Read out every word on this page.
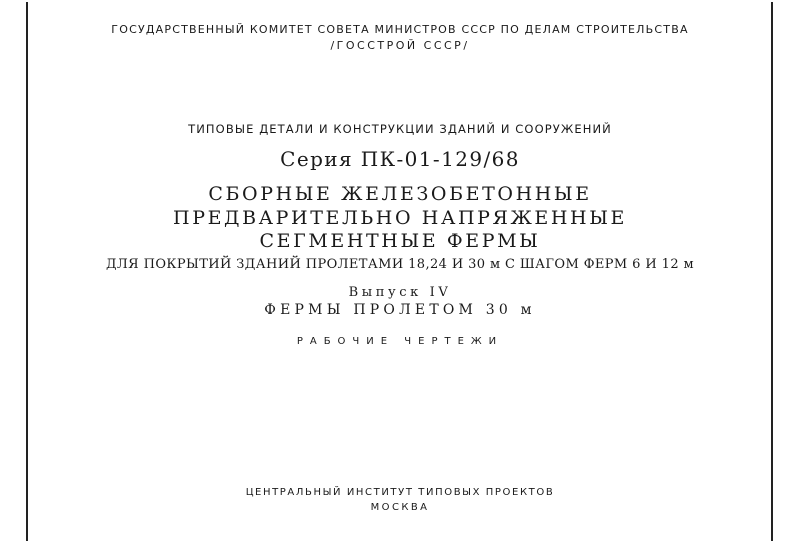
ГОСУДАРСТВЕННЫЙ КОМИТЕТ СОВЕТА МИНИСТРОВ СССР ПО ДЕЛАМ СТРОИТЕЛЬСТВА
/ГОССТРОЙ СССР/
ТИПОВЫЕ ДЕТАЛИ И КОНСТРУКЦИИ ЗДАНИЙ И СООРУЖЕНИЙ
Серия ПК-01-129/68
СБОРНЫЕ ЖЕЛЕЗОБЕТОННЫЕ
ПРЕДВАРИТЕЛЬНО НАПРЯЖЕННЫЕ
СЕГМЕНТНЫЕ ФЕРМЫ
ДЛЯ ПОКРЫТИЙ ЗДАНИЙ ПРОЛЕТАМИ 18,24 И 30 м С ШАГОМ ФЕРМ 6 И 12 м
Выпуск IV
ФЕРМЫ ПРОЛЕТОМ 30 м
РАБОЧИЕ ЧЕРТЕЖИ
ЦЕНТРАЛЬНЫЙ ИНСТИТУТ ТИПОВЫХ ПРОЕКТОВ
МОСКВА
